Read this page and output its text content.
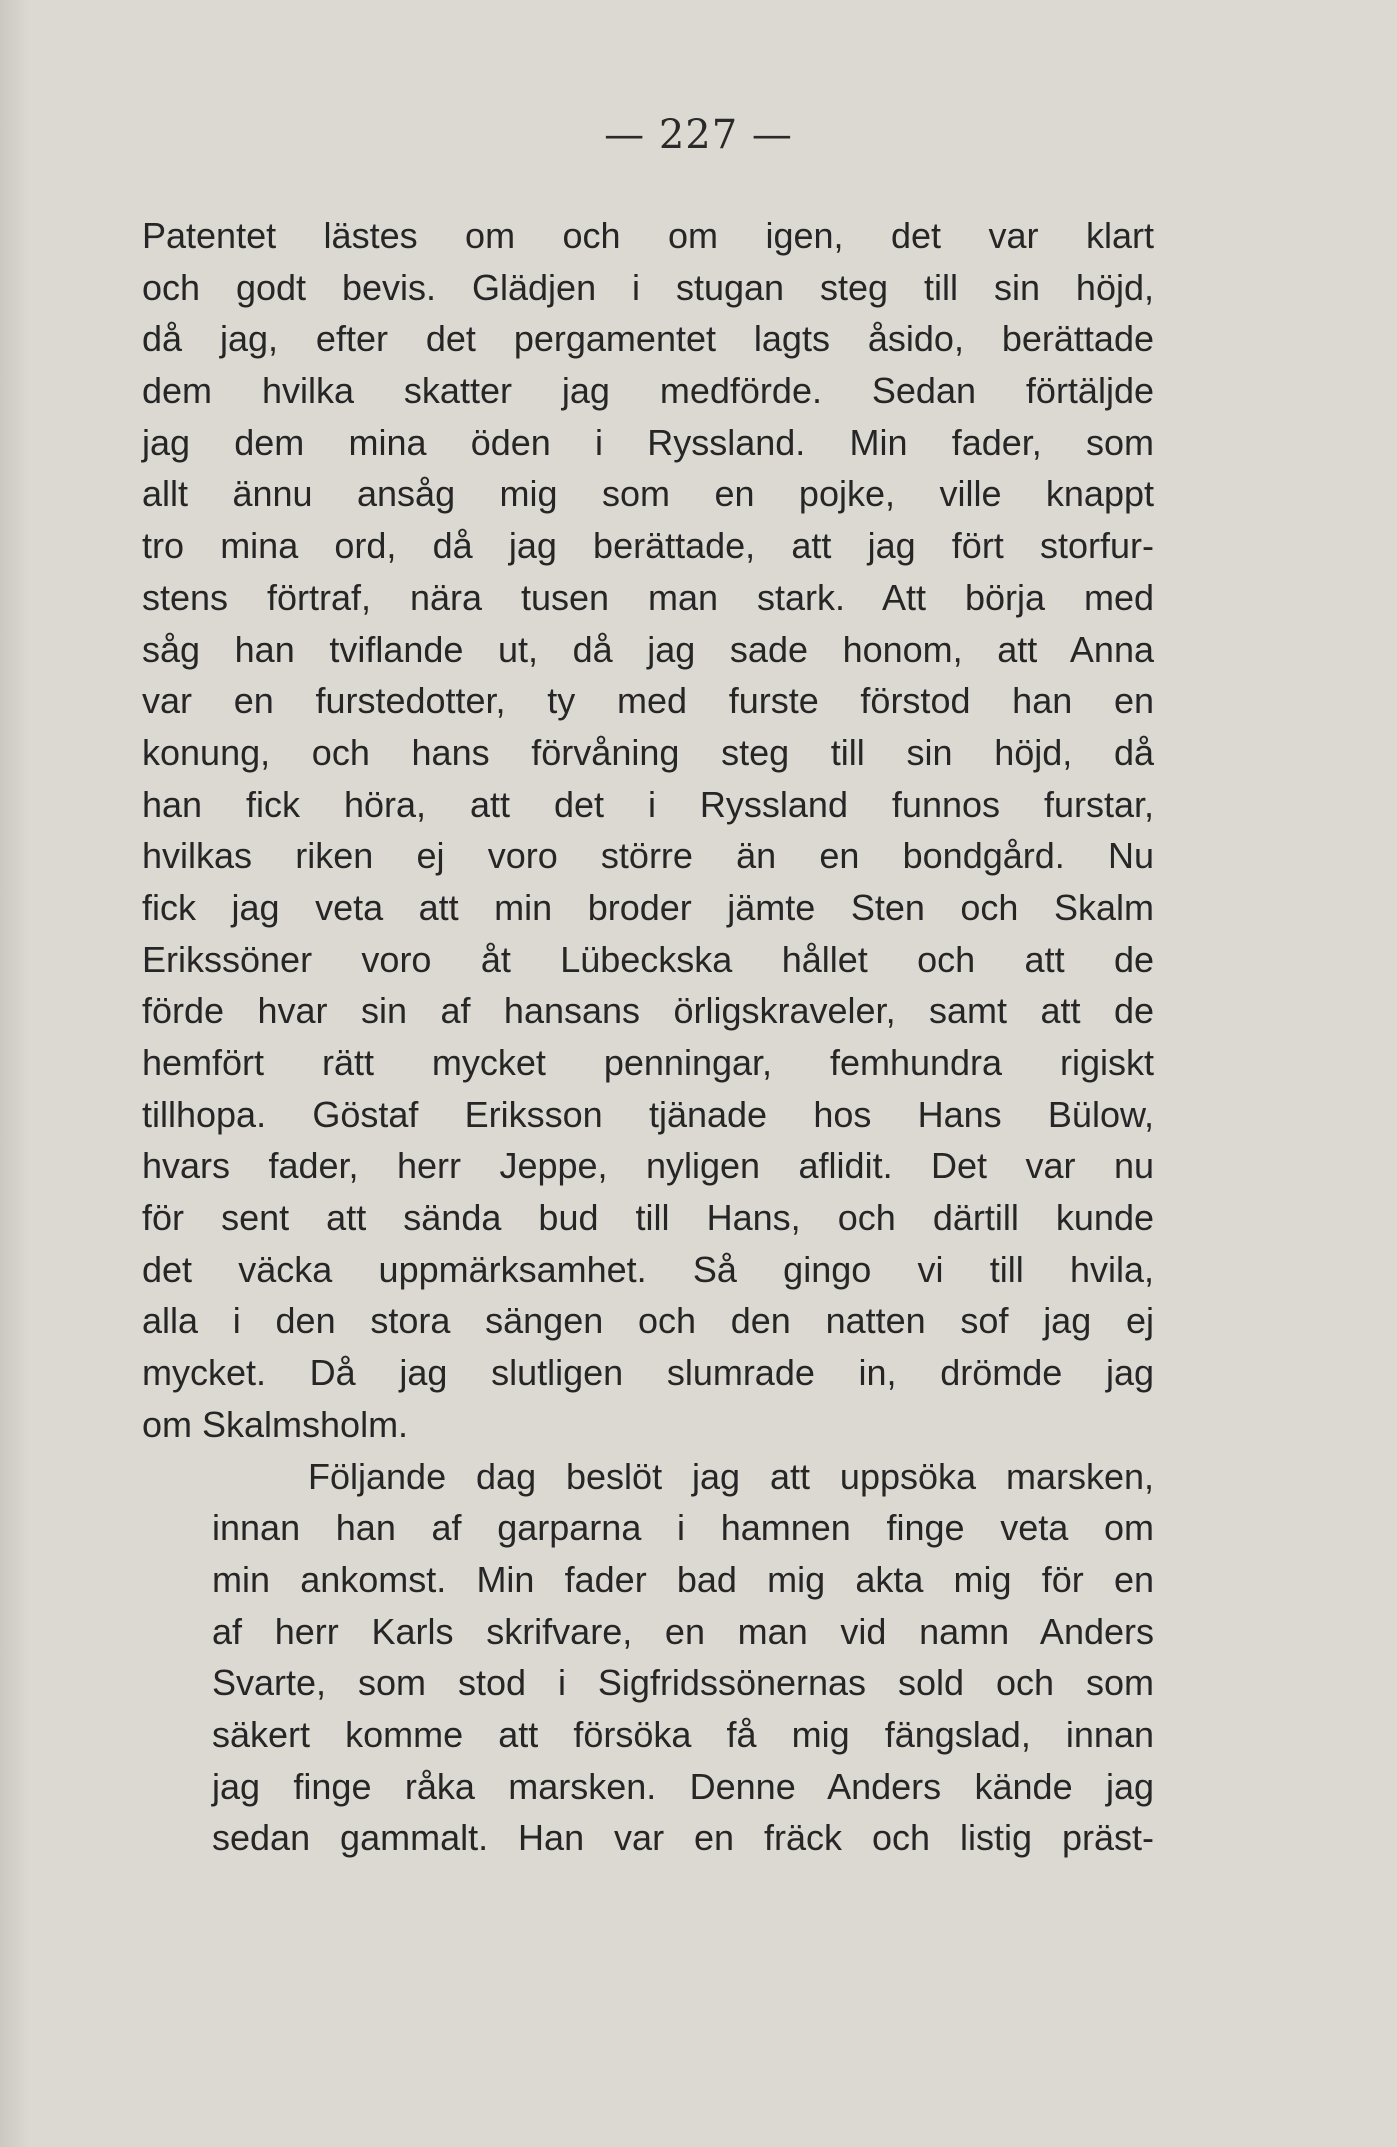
— 227 —
Patentet lästes om och om igen, det var klart
och godt bevis. Glädjen i stugan steg till sin höjd,
då jag, efter det pergamentet lagts åsido, berättade
dem hvilka skatter jag medförde. Sedan förtäljde
jag dem mina öden i Ryssland. Min fader, som
allt ännu ansåg mig som en pojke, ville knappt
tro mina ord, då jag berättade, att jag fört storfur-
stens förtraf, nära tusen man stark. Att börja med
såg han tviflande ut, då jag sade honom, att Anna
var en furstedotter, ty med furste förstod han en
konung, och hans förvåning steg till sin höjd, då
han fick höra, att det i Ryssland funnos furstar,
hvilkas riken ej voro större än en bondgård. Nu
fick jag veta att min broder jämte Sten och Skalm
Erikssöner voro åt Lübeckska hållet och att de
förde hvar sin af hansans örligskraveler, samt att de
hemfört rätt mycket penningar, femhundra rigiskt
tillhopa. Göstaf Eriksson tjänade hos Hans Bülow,
hvars fader, herr Jeppe, nyligen aflidit. Det var nu
för sent att sända bud till Hans, och därtill kunde
det väcka uppmärksamhet. Så gingo vi till hvila,
alla i den stora sängen och den natten sof jag ej
mycket. Då jag slutligen slumrade in, drömde jag
om Skalmsholm.
Följande dag beslöt jag att uppsöka marsken,
innan han af garparna i hamnen finge veta om
min ankomst. Min fader bad mig akta mig för en
af herr Karls skrifvare, en man vid namn Anders
Svarte, som stod i Sigfridssönernas sold och som
säkert komme att försöka få mig fängslad, innan
jag finge råka marsken. Denne Anders kände jag
sedan gammalt. Han var en fräck och listig präst-
